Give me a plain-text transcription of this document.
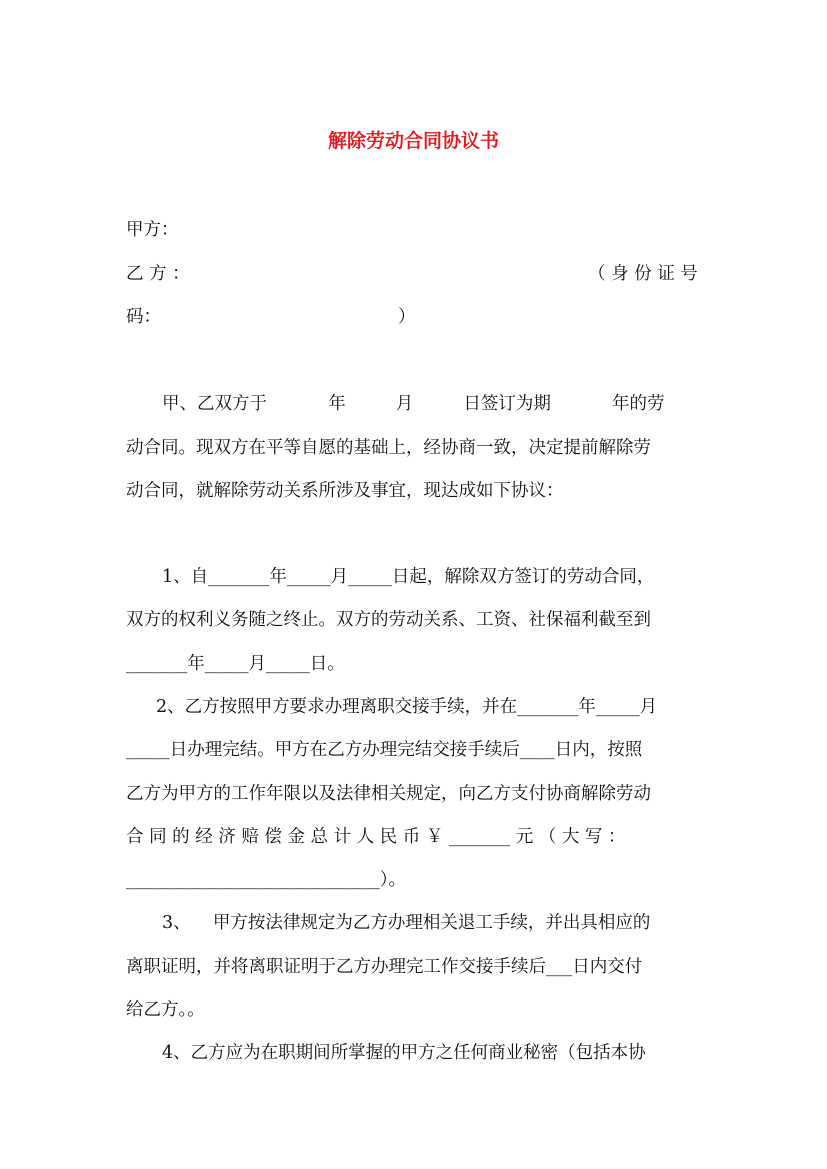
解除劳动合同协议书
甲方：
乙 方 ：	（ 身 份 证 号
码：	）
甲、乙双方于           年         月         日签订为期           年的劳
动合同。现双方在平等自愿的基础上，经协商一致，决定提前解除劳
动合同，就解除劳动关系所涉及事宜，现达成如下协议：
1、自_______年_____月_____日起，解除双方签订的劳动合同，
双方的权利义务随之终止。双方的劳动关系、工资、社保福利截至到
_______年_____月_____日。
2、乙方按照甲方要求办理离职交接手续，并在_______年_____月
_____日办理完结。甲方在乙方办理完结交接手续后____日内，按照
乙方为甲方的工作年限以及法律相关规定，向乙方支付协商解除劳动
合 同 的 经 济 赔 偿 金 总 计 人 民 币 ￥ _______ 元 （ 大 写 ：
_____________________________）。
3、    甲方按法律规定为乙方办理相关退工手续，并出具相应的
离职证明，并将离职证明于乙方办理完工作交接手续后___日内交付
给乙方。。
4、乙方应为在职期间所掌握的甲方之任何商业秘密（包括本协
